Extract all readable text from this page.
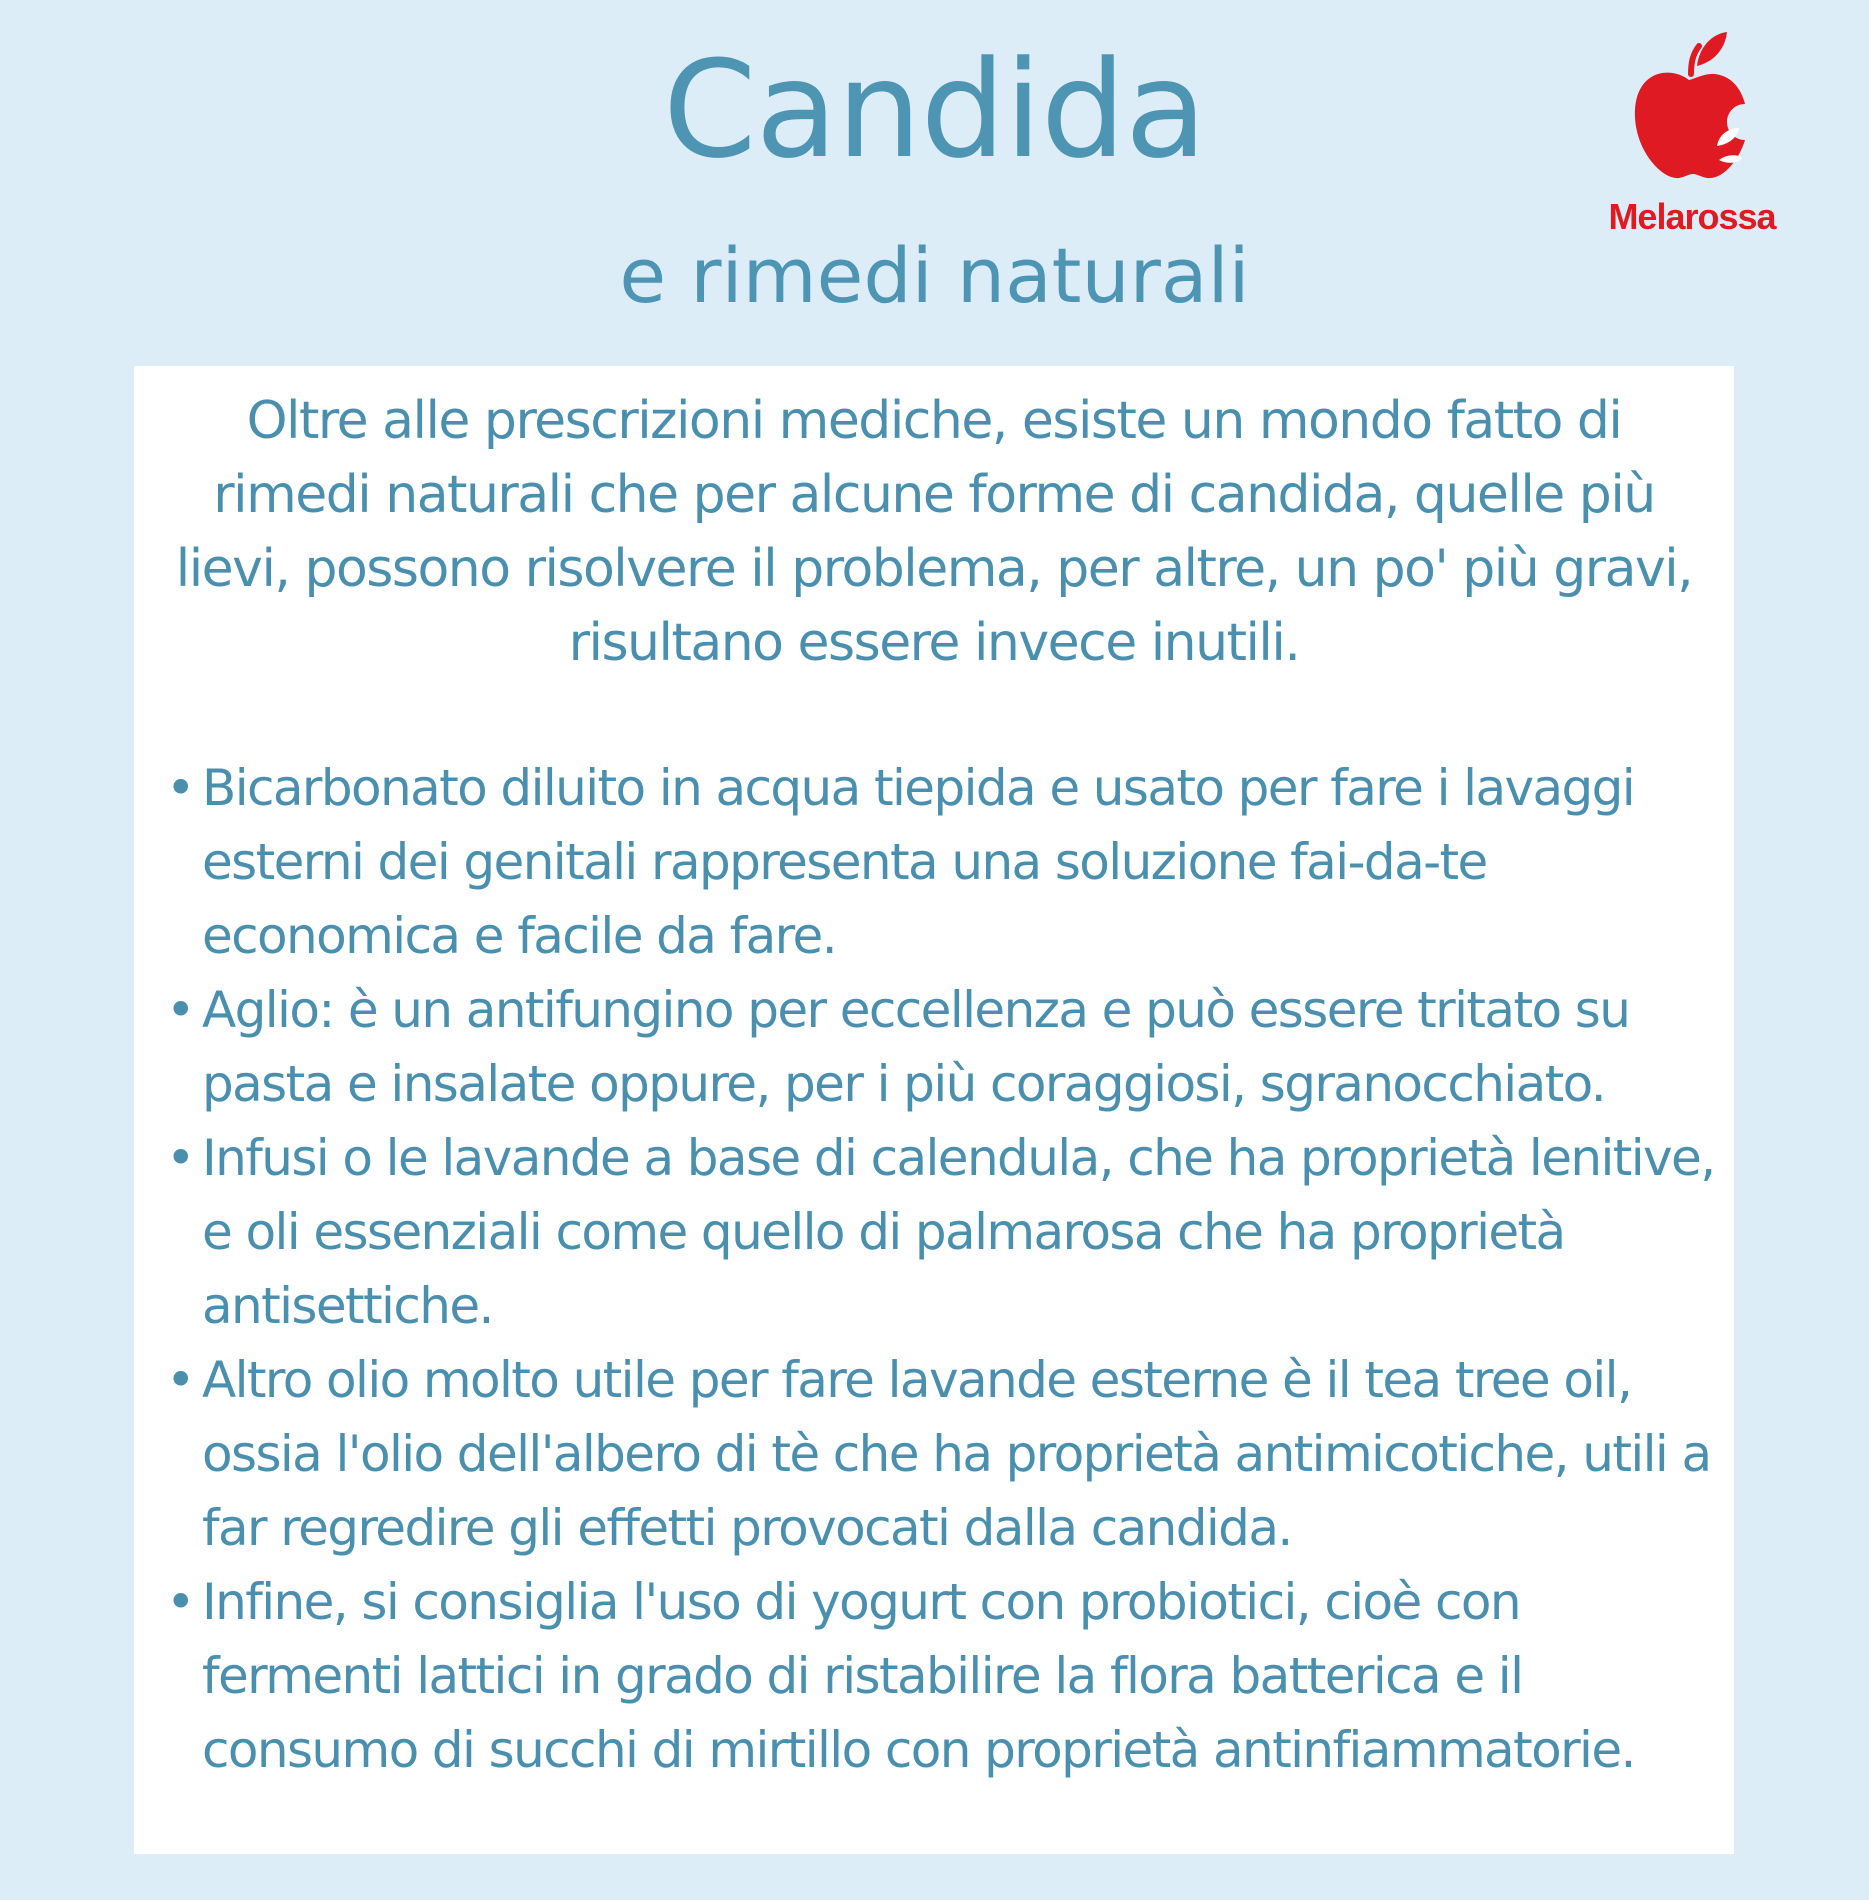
Candida
e rimedi naturali
Melarossa
Oltre alle prescrizioni mediche, esiste un mondo fatto di rimedi naturali che per alcune forme di candida, quelle più lievi, possono risolvere il problema, per altre, un po' più gravi, risultano essere invece inutili.
• Bicarbonato diluito in acqua tiepida e usato per fare i lavaggi esterni dei genitali rappresenta una soluzione fai-da-te economica e facile da fare.
• Aglio: è un antifungino per eccellenza e può essere tritato su pasta e insalate oppure, per i più coraggiosi, sgranocchiato.
• Infusi o le lavande a base di calendula, che ha proprietà lenitive, e oli essenziali come quello di palmarosa che ha proprietà antisettiche.
• Altro olio molto utile per fare lavande esterne è il tea tree oil, ossia l'olio dell'albero di tè che ha proprietà antimicotiche, utili a far regredire gli effetti provocati dalla candida.
• Infine, si consiglia l'uso di yogurt con probiotici, cioè con fermenti lattici in grado di ristabilire la flora batterica e il consumo di succhi di mirtillo con proprietà antinfiammatorie.
